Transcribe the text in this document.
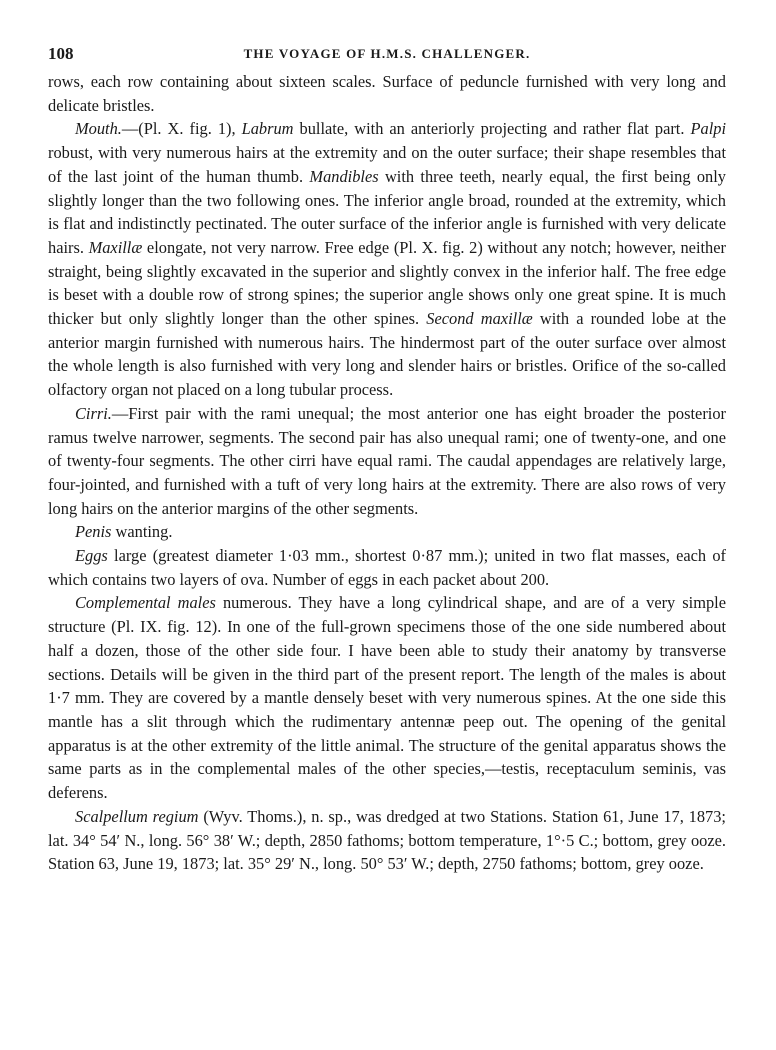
108	THE VOYAGE OF H.M.S. CHALLENGER.

rows, each row containing about sixteen scales. Surface of peduncle furnished with very long and delicate bristles.

Mouth.—(Pl. X. fig. 1), Labrum bullate, with an anteriorly projecting and rather flat part. Palpi robust, with very numerous hairs at the extremity and on the outer surface; their shape resembles that of the last joint of the human thumb. Mandibles with three teeth, nearly equal, the first being only slightly longer than the two following ones. The inferior angle broad, rounded at the extremity, which is flat and indistinctly pectinated. The outer surface of the inferior angle is furnished with very delicate hairs. Maxillæ elongate, not very narrow. Free edge (Pl. X. fig. 2) without any notch; however, neither straight, being slightly excavated in the superior and slightly convex in the inferior half. The free edge is beset with a double row of strong spines; the superior angle shows only one great spine. It is much thicker but only slightly longer than the other spines. Second maxillæ with a rounded lobe at the anterior margin furnished with numerous hairs. The hindermost part of the outer surface over almost the whole length is also furnished with very long and slender hairs or bristles. Orifice of the so-called olfactory organ not placed on a long tubular process.

Cirri.—First pair with the rami unequal; the most anterior one has eight broader the posterior ramus twelve narrower, segments. The second pair has also unequal rami; one of twenty-one, and one of twenty-four segments. The other cirri have equal rami. The caudal appendages are relatively large, four-jointed, and furnished with a tuft of very long hairs at the extremity. There are also rows of very long hairs on the anterior margins of the other segments.

Penis wanting.

Eggs large (greatest diameter 1·03 mm., shortest 0·87 mm.); united in two flat masses, each of which contains two layers of ova. Number of eggs in each packet about 200.

Complemental males numerous. They have a long cylindrical shape, and are of a very simple structure (Pl. IX. fig. 12). In one of the full-grown specimens those of the one side numbered about half a dozen, those of the other side four. I have been able to study their anatomy by transverse sections. Details will be given in the third part of the present report. The length of the males is about 1·7 mm. They are covered by a mantle densely beset with very numerous spines. At the one side this mantle has a slit through which the rudimentary antennæ peep out. The opening of the genital apparatus is at the other extremity of the little animal. The structure of the genital apparatus shows the same parts as in the complemental males of the other species,—testis, receptaculum seminis, vas deferens.

Scalpellum regium (Wyv. Thoms.), n. sp., was dredged at two Stations. Station 61, June 17, 1873; lat. 34° 54′ N., long. 56° 38′ W.; depth, 2850 fathoms; bottom temperature, 1°·5 C.; bottom, grey ooze. Station 63, June 19, 1873; lat. 35° 29′ N., long. 50° 53′ W.; depth, 2750 fathoms; bottom, grey ooze.
